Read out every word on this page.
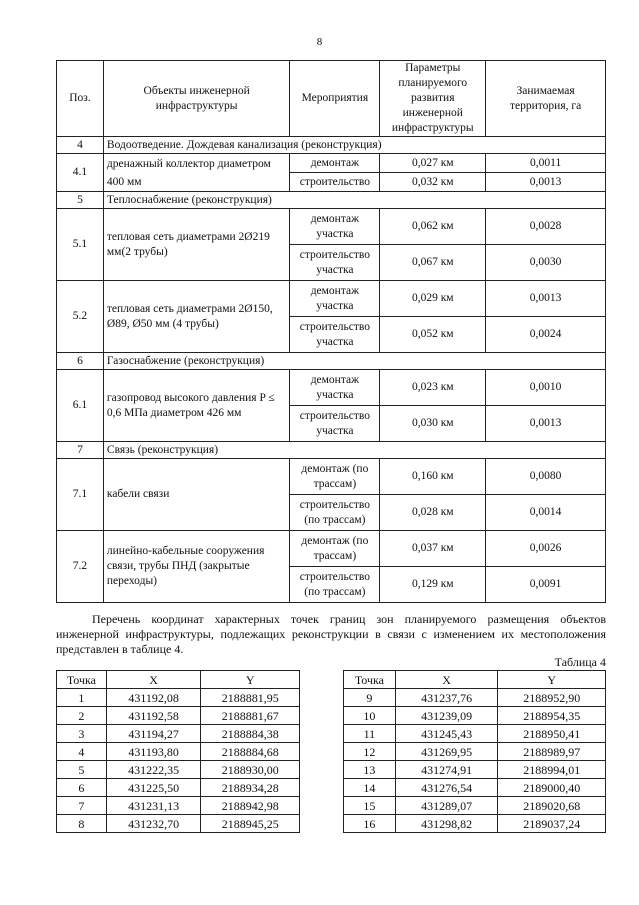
8
Поз.	Объекты инженерной инфраструктуры	Мероприятия	Параметры планируемого развития инженерной инфраструктуры	Занимаемая территория, га
4	Водоотведение. Дождевая канализация (реконструкция)			
4.1	дренажный коллектор диаметром 400 мм	демонтаж	0,027 км	0,0011
		строительство	0,032 км	0,0013
5	Теплоснабжение (реконструкция)			
5.1	тепловая сеть диаметрами 2Ø219 мм(2 трубы)	демонтаж участка	0,062 км	0,0028
		строительство участка	0,067 км	0,0030
5.2	тепловая сеть диаметрами 2Ø150, Ø89, Ø50 мм (4 трубы)	демонтаж участка	0,029 км	0,0013
		строительство участка	0,052 км	0,0024
6	Газоснабжение (реконструкция)			
6.1	газопровод высокого давления P ≤ 0,6 МПа диаметром 426 мм	демонтаж участка	0,023 км	0,0010
		строительство участка	0,030 км	0,0013
7	Связь (реконструкция)			
7.1	кабели связи	демонтаж (по трассам)	0,160 км	0,0080
		строительство (по трассам)	0,028 км	0,0014
7.2	линейно-кабельные сооружения связи, трубы ПНД (закрытые переходы)	демонтаж (по трассам)	0,037 км	0,0026
		строительство (по трассам)	0,129 км	0,0091
Перечень координат характерных точек границ зон планируемого размещения объектов инженерной инфраструктуры, подлежащих реконструкции в связи с изменением их местоположения представлен в таблице 4.
Таблица 4
Точка	X	Y
1	431192,08	2188881,95
2	431192,58	2188881,67
3	431194,27	2188884,38
4	431193,80	2188884,68
5	431222,35	2188930,00
6	431225,50	2188934,28
7	431231,13	2188942,98
8	431232,70	2188945,25
Точка	X	Y
9	431237,76	2188952,90
10	431239,09	2188954,35
11	431245,43	2188950,41
12	431269,95	2188989,97
13	431274,91	2188994,01
14	431276,54	2189000,40
15	431289,07	2189020,68
16	431298,82	2189037,24
